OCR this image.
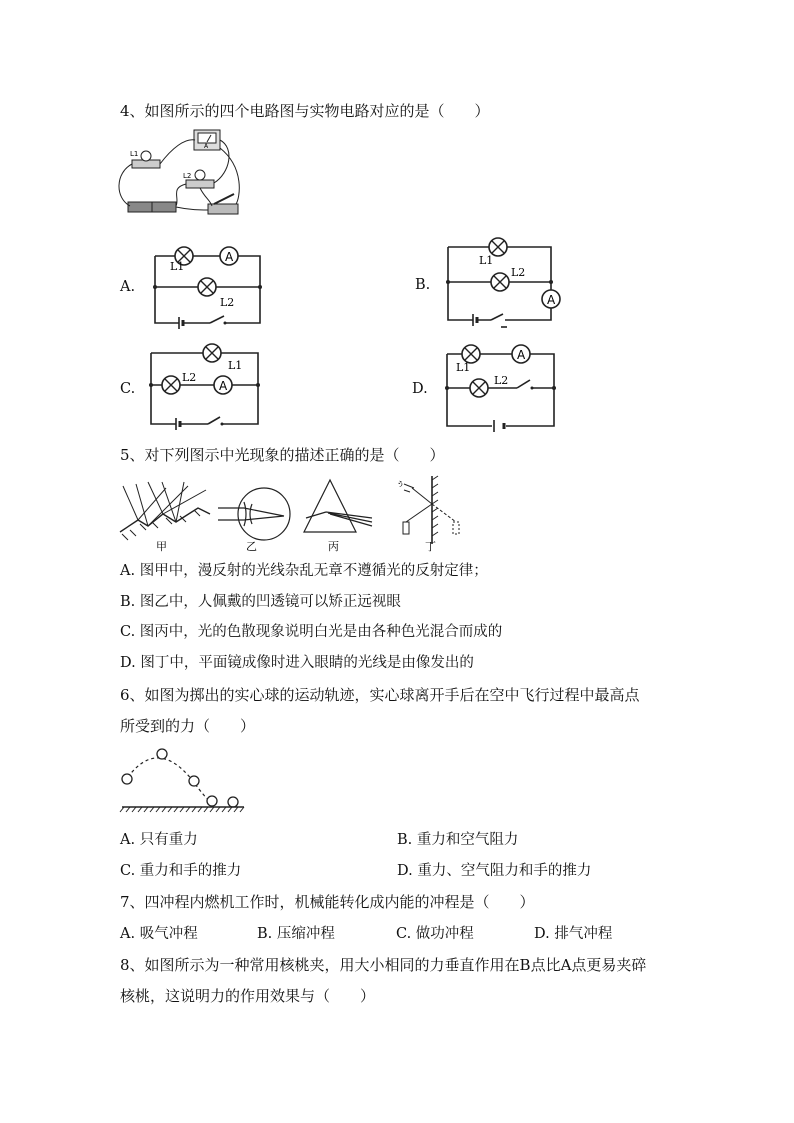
4、如图所示的四个电路图与实物电路对应的是（　　）
A
L1
L2
A.
A
L1
L2
B.
A
L1
L2
C.	A
L1
L2
D.
A
L1
L2
5、对下列图示中光现象的描述正确的是（　　）
甲	乙	丙
ぅ
丁
A. 图甲中，漫反射的光线杂乱无章不遵循光的反射定律；
B. 图乙中，人佩戴的凹透镜可以矫正远视眼
C. 图丙中，光的色散现象说明白光是由各种色光混合而成的
D. 图丁中，平面镜成像时进入眼睛的光线是由像发出的
6、如图为掷出的实心球的运动轨迹，实心球离开手后在空中飞行过程中最高点
所受到的力（　　）
A. 只有重力	B. 重力和空气阻力
C. 重力和手的推力	D. 重力、空气阻力和手的推力
7、四冲程内燃机工作时，机械能转化成内能的冲程是（　　）
A. 吸气冲程	B. 压缩冲程	C. 做功冲程	D. 排气冲程
8、如图所示为一种常用核桃夹，用大小相同的力垂直作用在B点比A点更易夹碎
核桃，这说明力的作用效果与（　　）
